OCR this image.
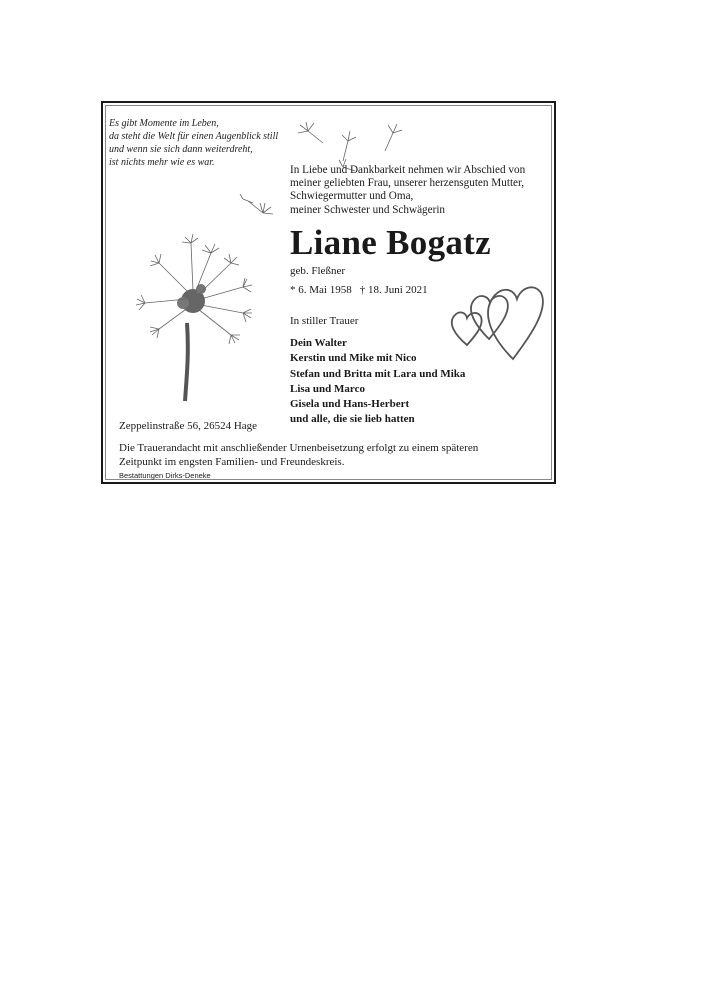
Es gibt Momente im Leben,
da steht die Welt für einen Augenblick still
und wenn sie sich dann weiterdreht,
ist nichts mehr wie es war.
In Liebe und Dankbarkeit nehmen wir Abschied von
meiner geliebten Frau, unserer herzensguten Mutter,
Schwiegermutter und Oma,
meiner Schwester und Schwägerin
Liane Bogatz
geb. Fleßner
* 6. Mai 1958 † 18. Juni 2021
In stiller Trauer
Dein Walter
Kerstin und Mike mit Nico
Stefan und Britta mit Lara und Mika
Lisa und Marco
Gisela und Hans-Herbert
und alle, die sie lieb hatten
Zeppelinstraße 56, 26524 Hage
Die Trauerandacht mit anschließender Urnenbeisetzung erfolgt zu einem späteren
Zeitpunkt im engsten Familien- und Freundeskreis.
Bestattungen Dirks-Deneke
